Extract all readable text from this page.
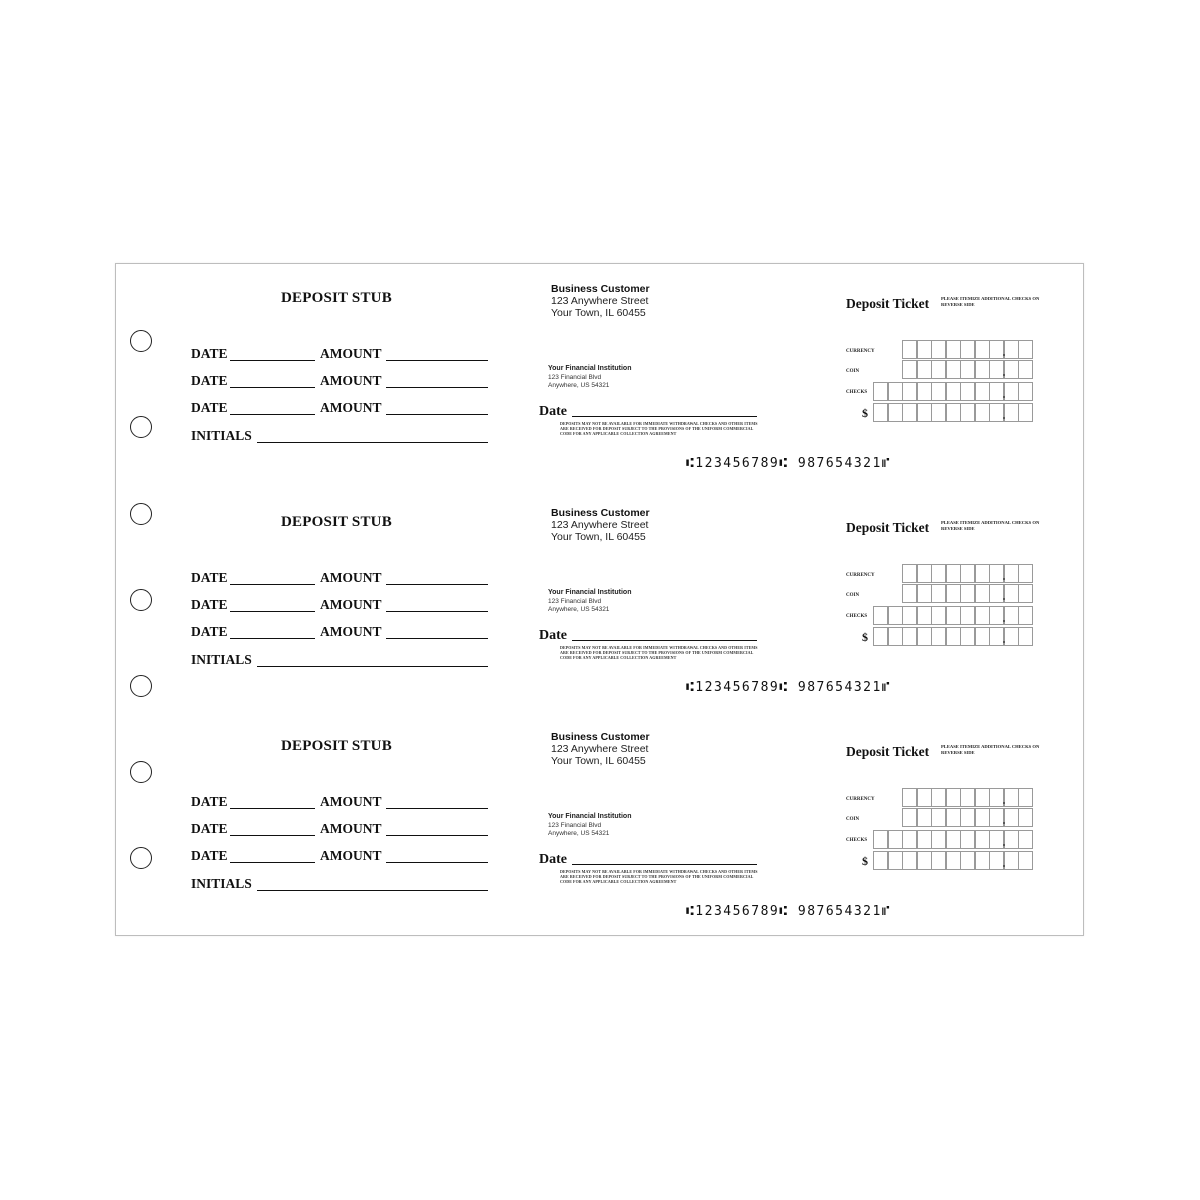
DEPOSIT STUB
DATE	AMOUNT
DATE	AMOUNT
DATE	AMOUNT
INITIALS
Business Customer
123 Anywhere Street
Your Town, IL 60455
Your Financial Institution
123 Financial Blvd
Anywhere, US 54321
Date
DEPOSITS MAY NOT BE AVAILABLE FOR IMMEDIATE WITHDRAWAL CHECKS AND OTHER ITEMS ARE RECEIVED FOR DEPOSIT SUBJECT TO THE PROVISIONS OF THE UNIFORM COMMERCIAL CODE FOR ANY APPLICABLE COLLECTION AGREEMENT
⑆123456789⑆ 987654321⑈
Deposit Ticket	PLEASE ITEMIZE ADDITIONAL CHECKS ON REVERSE SIDE
CURRENCY
COIN
CHECKS
$
DEPOSIT STUB
DATE	AMOUNT
DATE	AMOUNT
DATE	AMOUNT
INITIALS
Business Customer
123 Anywhere Street
Your Town, IL 60455
Your Financial Institution
123 Financial Blvd
Anywhere, US 54321
Date
DEPOSITS MAY NOT BE AVAILABLE FOR IMMEDIATE WITHDRAWAL CHECKS AND OTHER ITEMS ARE RECEIVED FOR DEPOSIT SUBJECT TO THE PROVISIONS OF THE UNIFORM COMMERCIAL CODE FOR ANY APPLICABLE COLLECTION AGREEMENT
⑆123456789⑆ 987654321⑈
Deposit Ticket	PLEASE ITEMIZE ADDITIONAL CHECKS ON REVERSE SIDE
CURRENCY
COIN
CHECKS
$
DEPOSIT STUB
DATE	AMOUNT
DATE	AMOUNT
DATE	AMOUNT
INITIALS
Business Customer
123 Anywhere Street
Your Town, IL 60455
Your Financial Institution
123 Financial Blvd
Anywhere, US 54321
Date
DEPOSITS MAY NOT BE AVAILABLE FOR IMMEDIATE WITHDRAWAL CHECKS AND OTHER ITEMS ARE RECEIVED FOR DEPOSIT SUBJECT TO THE PROVISIONS OF THE UNIFORM COMMERCIAL CODE FOR ANY APPLICABLE COLLECTION AGREEMENT
⑆123456789⑆ 987654321⑈
Deposit Ticket	PLEASE ITEMIZE ADDITIONAL CHECKS ON REVERSE SIDE
CURRENCY
COIN
CHECKS
$
